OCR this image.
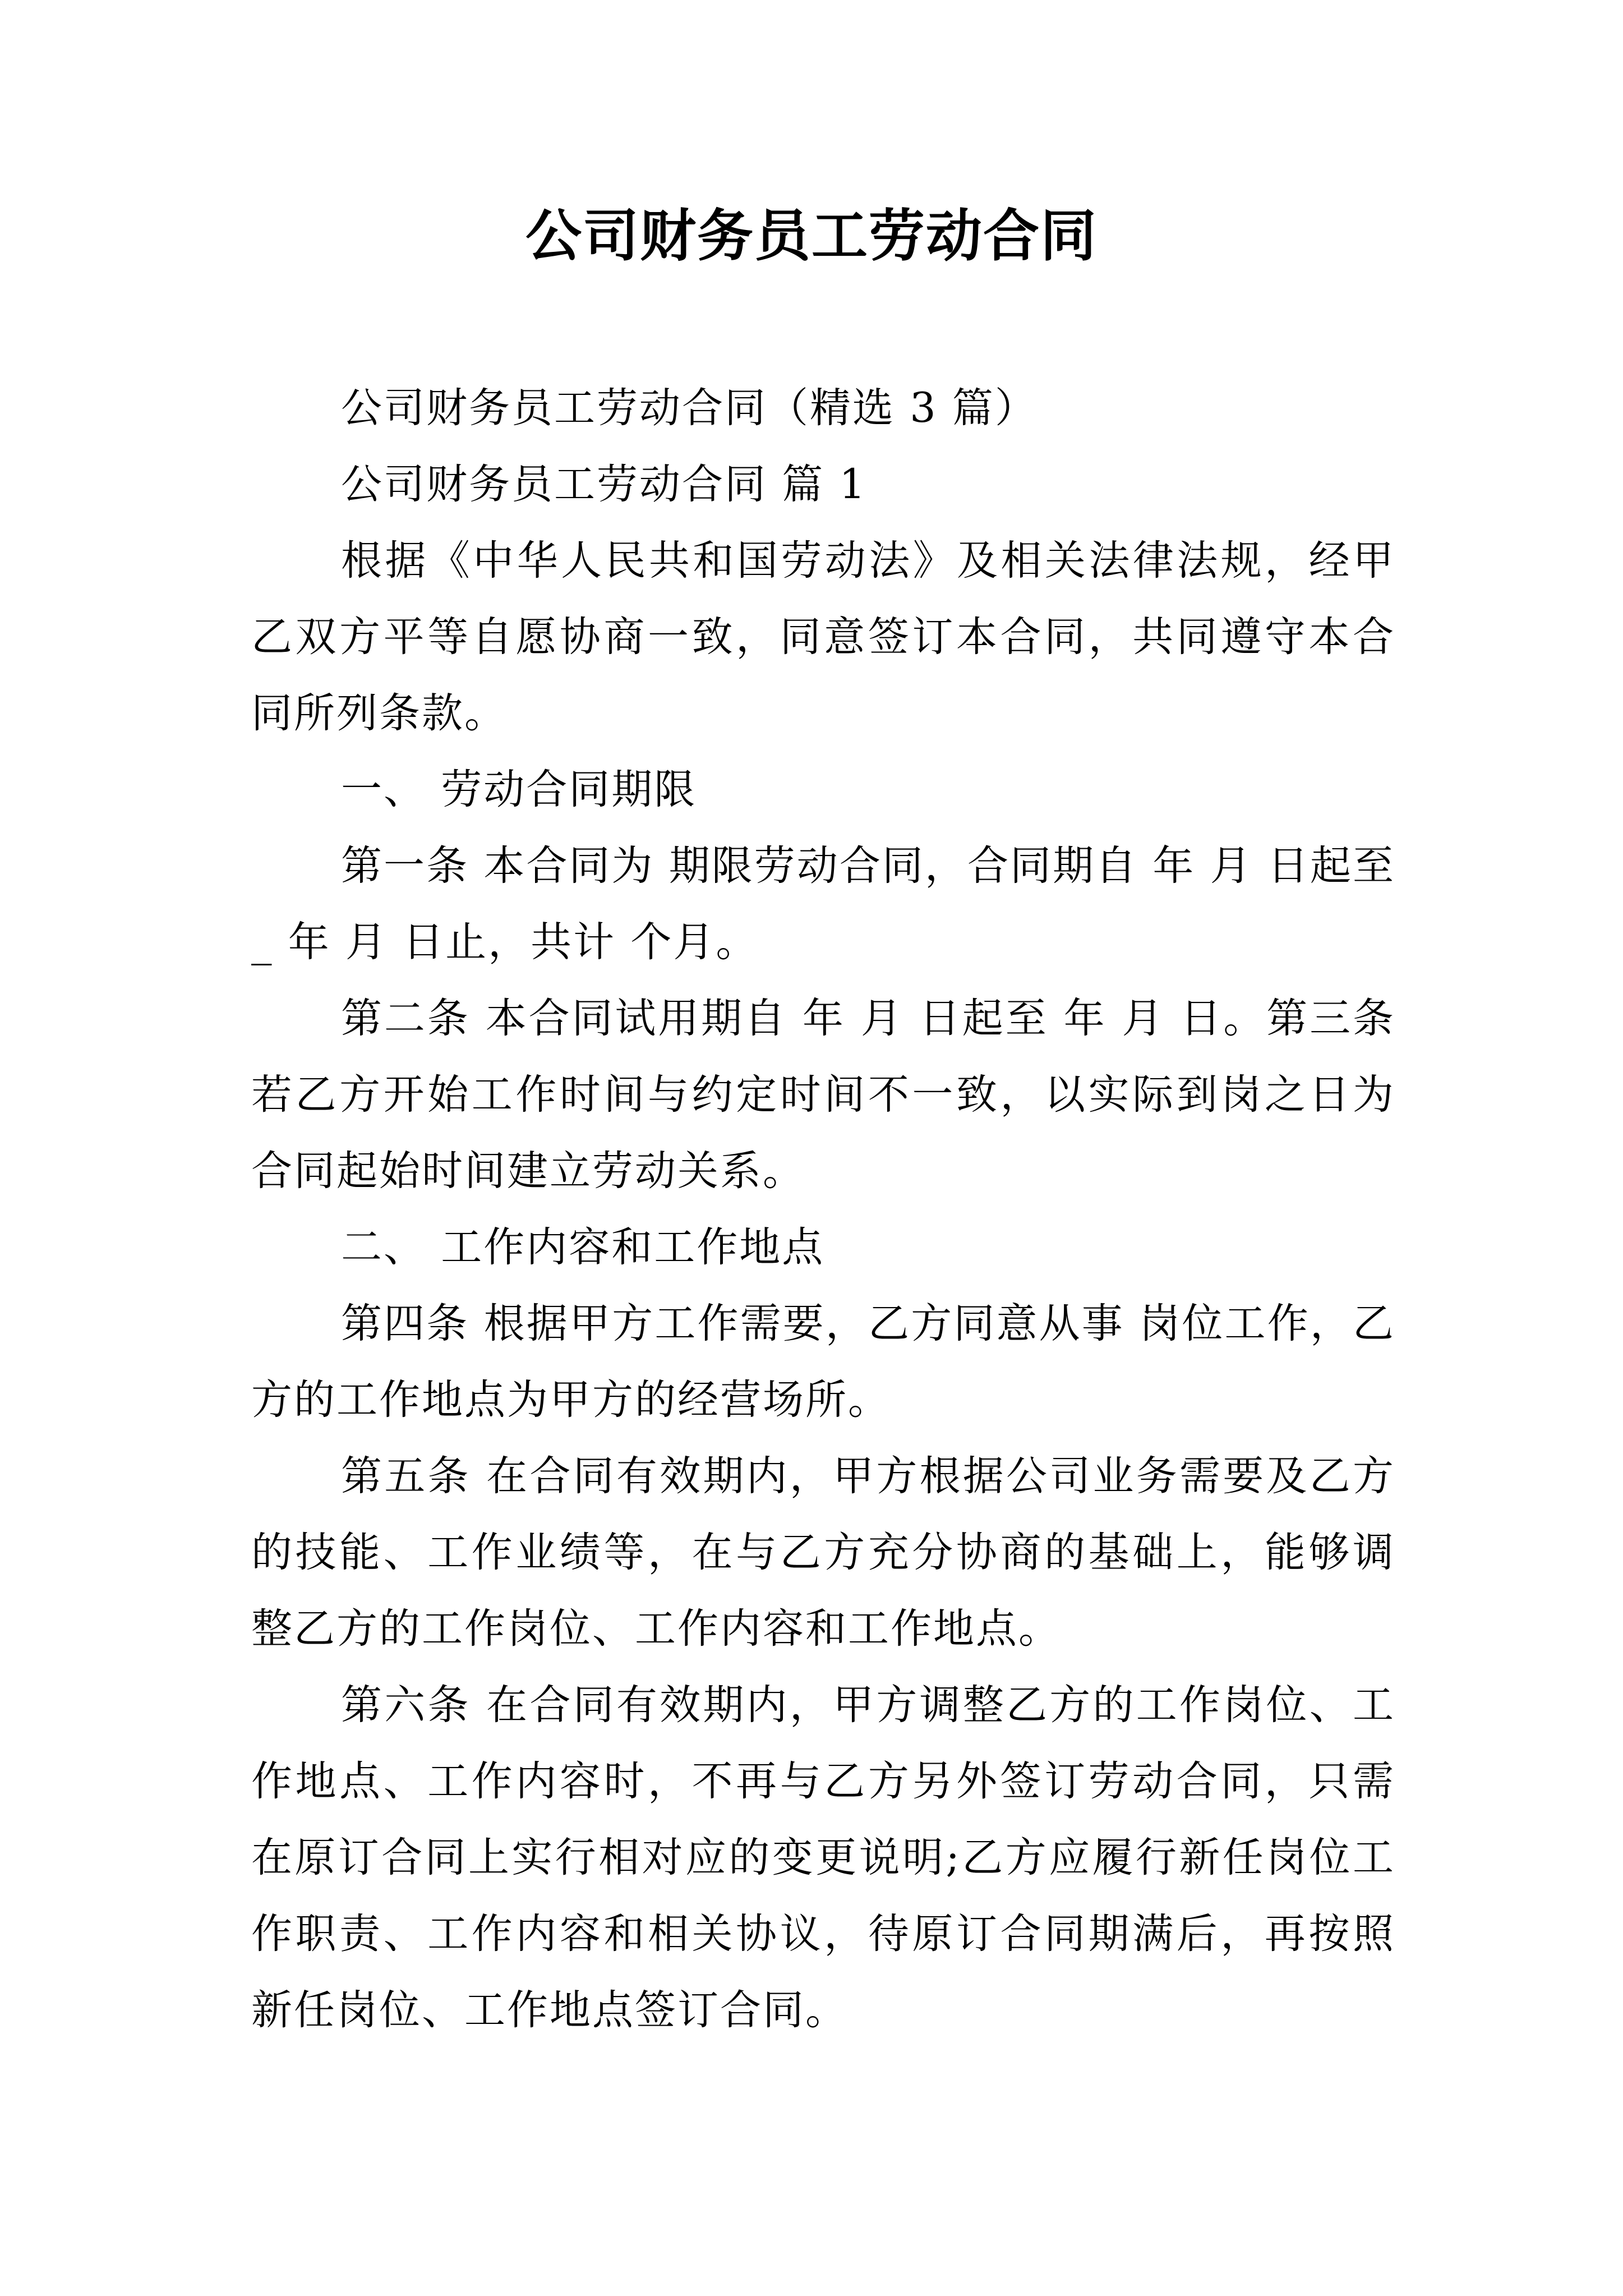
公司财务员工劳动合同

公司财务员工劳动合同（精选 3 篇）

公司财务员工劳动合同 篇 1

根据《中华人民共和国劳动法》及相关法律法规，经甲乙双方平等自愿协商一致，同意签订本合同，共同遵守本合同所列条款。

一、 劳动合同期限

第一条 本合同为 期限劳动合同，合同期自 年 月 日起至 _ 年 月 日止，共计 个月。

第二条 本合同试用期自 年 月 日起至 年 月 日。第三条 若乙方开始工作时间与约定时间不一致，以实际到岗之日为合同起始时间建立劳动关系。

二、 工作内容和工作地点

第四条 根据甲方工作需要，乙方同意从事 岗位工作，乙方的工作地点为甲方的经营场所。

第五条 在合同有效期内，甲方根据公司业务需要及乙方的技能、工作业绩等，在与乙方充分协商的基础上，能够调整乙方的工作岗位、工作内容和工作地点。

第六条 在合同有效期内，甲方调整乙方的工作岗位、工作地点、工作内容时，不再与乙方另外签订劳动合同，只需在原订合同上实行相对应的变更说明;乙方应履行新任岗位工作职责、工作内容和相关协议，待原订合同期满后，再按照新任岗位、工作地点签订合同。
